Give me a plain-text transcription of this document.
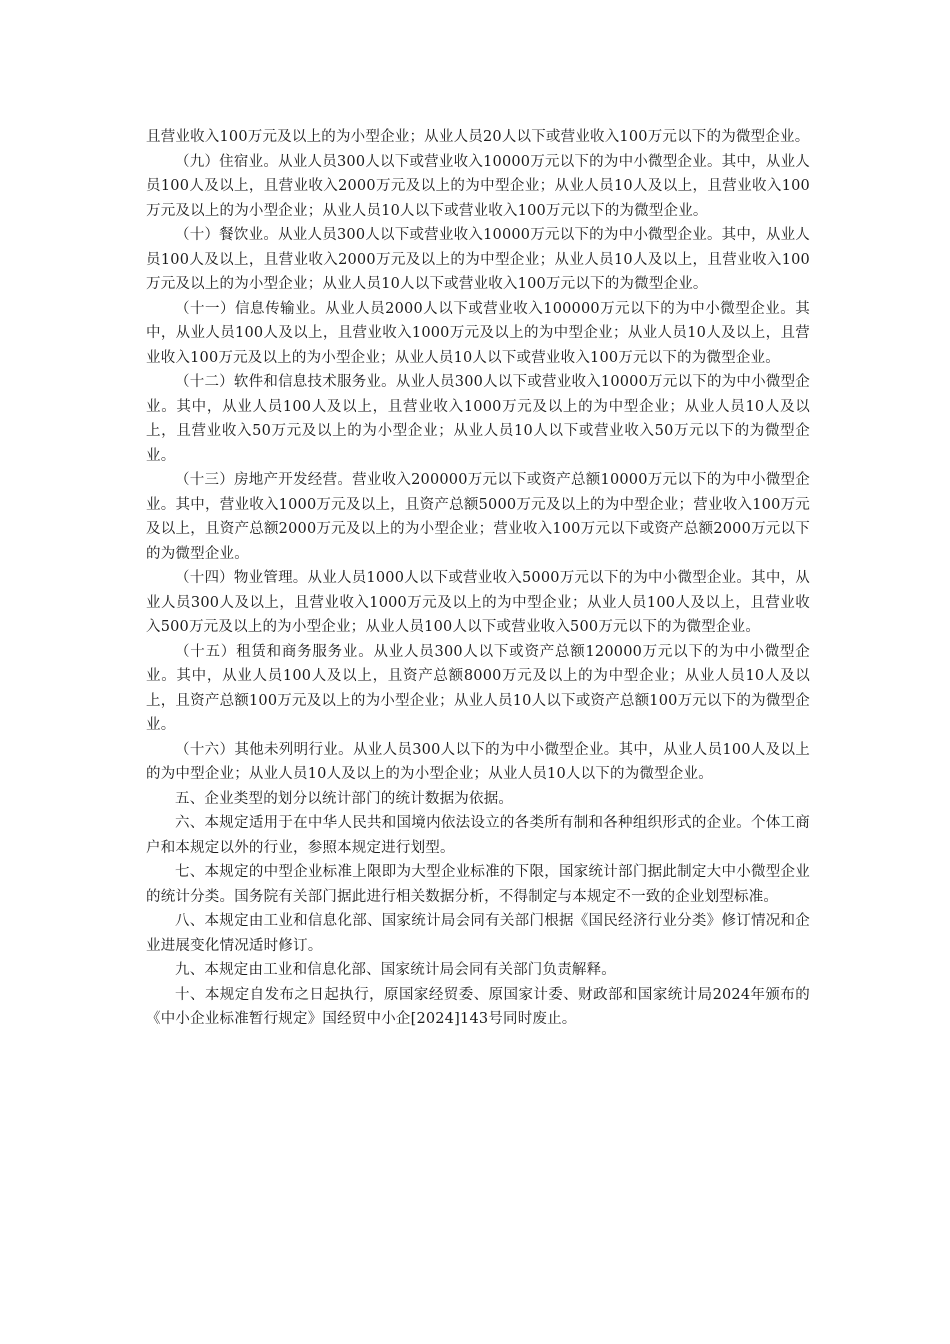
且营业收入100万元及以上的为小型企业；从业人员20人以下或营业收入100万元以下的为微型企业。

（九）住宿业。从业人员300人以下或营业收入10000万元以下的为中小微型企业。其中，从业人员100人及以上，且营业收入2000万元及以上的为中型企业；从业人员10人及以上，且营业收入100万元及以上的为小型企业；从业人员10人以下或营业收入100万元以下的为微型企业。

（十）餐饮业。从业人员300人以下或营业收入10000万元以下的为中小微型企业。其中，从业人员100人及以上，且营业收入2000万元及以上的为中型企业；从业人员10人及以上，且营业收入100万元及以上的为小型企业；从业人员10人以下或营业收入100万元以下的为微型企业。

（十一）信息传输业。从业人员2000人以下或营业收入100000万元以下的为中小微型企业。其中，从业人员100人及以上，且营业收入1000万元及以上的为中型企业；从业人员10人及以上，且营业收入100万元及以上的为小型企业；从业人员10人以下或营业收入100万元以下的为微型企业。

（十二）软件和信息技术服务业。从业人员300人以下或营业收入10000万元以下的为中小微型企业。其中，从业人员100人及以上，且营业收入1000万元及以上的为中型企业；从业人员10人及以上，且营业收入50万元及以上的为小型企业；从业人员10人以下或营业收入50万元以下的为微型企业。

（十三）房地产开发经营。营业收入200000万元以下或资产总额10000万元以下的为中小微型企业。其中，营业收入1000万元及以上，且资产总额5000万元及以上的为中型企业；营业收入100万元及以上，且资产总额2000万元及以上的为小型企业；营业收入100万元以下或资产总额2000万元以下的为微型企业。

（十四）物业管理。从业人员1000人以下或营业收入5000万元以下的为中小微型企业。其中，从业人员300人及以上，且营业收入1000万元及以上的为中型企业；从业人员100人及以上，且营业收入500万元及以上的为小型企业；从业人员100人以下或营业收入500万元以下的为微型企业。

（十五）租赁和商务服务业。从业人员300人以下或资产总额120000万元以下的为中小微型企业。其中，从业人员100人及以上，且资产总额8000万元及以上的为中型企业；从业人员10人及以上，且资产总额100万元及以上的为小型企业；从业人员10人以下或资产总额100万元以下的为微型企业。

（十六）其他未列明行业。从业人员300人以下的为中小微型企业。其中，从业人员100人及以上的为中型企业；从业人员10人及以上的为小型企业；从业人员10人以下的为微型企业。

五、企业类型的划分以统计部门的统计数据为依据。

六、本规定适用于在中华人民共和国境内依法设立的各类所有制和各种组织形式的企业。个体工商户和本规定以外的行业，参照本规定进行划型。

七、本规定的中型企业标准上限即为大型企业标准的下限，国家统计部门据此制定大中小微型企业的统计分类。国务院有关部门据此进行相关数据分析，不得制定与本规定不一致的企业划型标准。

八、本规定由工业和信息化部、国家统计局会同有关部门根据《国民经济行业分类》修订情况和企业进展变化情况适时修订。

九、本规定由工业和信息化部、国家统计局会同有关部门负责解释。

十、本规定自发布之日起执行，原国家经贸委、原国家计委、财政部和国家统计局2024年颁布的《中小企业标准暂行规定》国经贸中小企[2024]143号同时废止。
